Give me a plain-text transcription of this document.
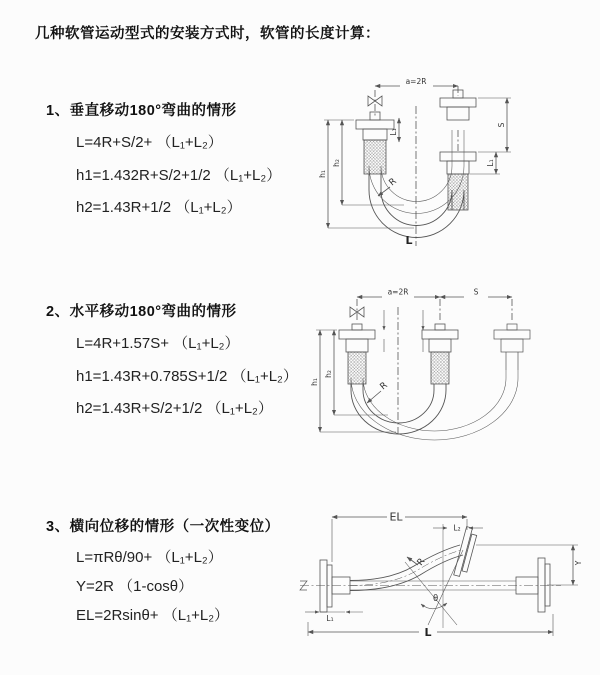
几种软管运动型式的安装方式时，软管的长度计算：
1、垂直移动180°弯曲的情形
L=4R+S/2+ （L₁+L₂）
h1=1.432R+S/2+1/2 （L₁+L₂）
h2=1.43R+1/2 （L₁+L₂）
2、水平移动180°弯曲的情形
L=4R+1.57S+ （L₁+L₂）
h1=1.43R+0.785S+1/2 （L₁+L₂）
h2=1.43R+S/2+1/2 （L₁+L₂）
3、横向位移的情形（一次性变位）
L=πRθ/90+ （L₁+L₂）
Y=2R （1-cosθ）
EL=2Rsinθ+ （L₁+L₂）
a=2R
L₁
S
L₁
h₁
h₂
R
L
a=2R	S
h₁
h₂
R
EL
L₂
Y
R
θ
L
L₁
